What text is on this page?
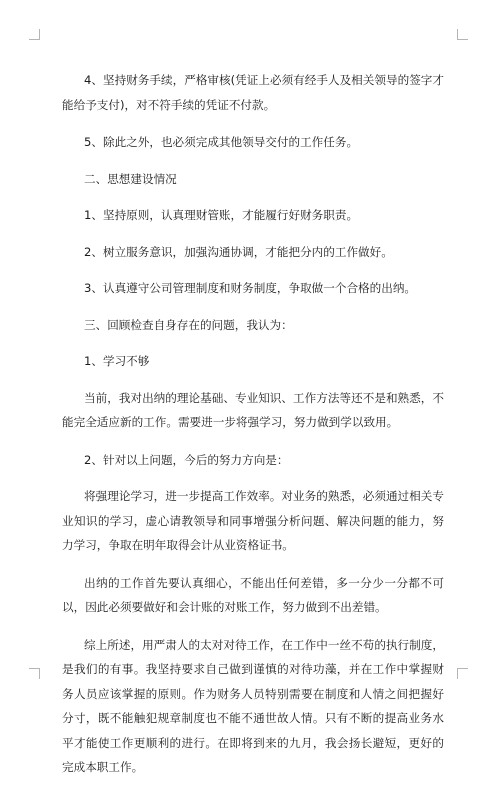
4、坚持财务手续，严格审核(凭证上必须有经手人及相关领导的签字才能给予支付)，对不符手续的凭证不付款。

5、除此之外，也必须完成其他领导交付的工作任务。

二、思想建设情况

1、坚持原则，认真理财管账，才能履行好财务职责。

2、树立服务意识，加强沟通协调，才能把分内的工作做好。

3、认真遵守公司管理制度和财务制度，争取做一个合格的出纳。

三、回顾检查自身存在的问题，我认为：

1、学习不够

当前，我对出纳的理论基础、专业知识、工作方法等还不是和熟悉，不能完全适应新的工作。需要进一步将强学习，努力做到学以致用。

2、针对以上问题，今后的努力方向是：

将强理论学习，进一步提高工作效率。对业务的熟悉，必须通过相关专业知识的学习，虚心请教领导和同事增强分析问题、解决问题的能力，努力学习，争取在明年取得会计从业资格证书。

出纳的工作首先要认真细心，不能出任何差错，多一分少一分都不可以，因此必须要做好和会计账的对账工作，努力做到不出差错。

综上所述，用严肃人的太对对待工作，在工作中一丝不苟的执行制度，是我们的有事。我坚持要求自己做到谨慎的对待功藻，并在工作中掌握财务人员应该掌握的原则。作为财务人员特别需要在制度和人情之间把握好分寸，既不能触犯规章制度也不能不通世故人情。只有不断的提高业务水平才能使工作更顺利的进行。在即将到来的九月，我会扬长避短，更好的完成本职工作。
